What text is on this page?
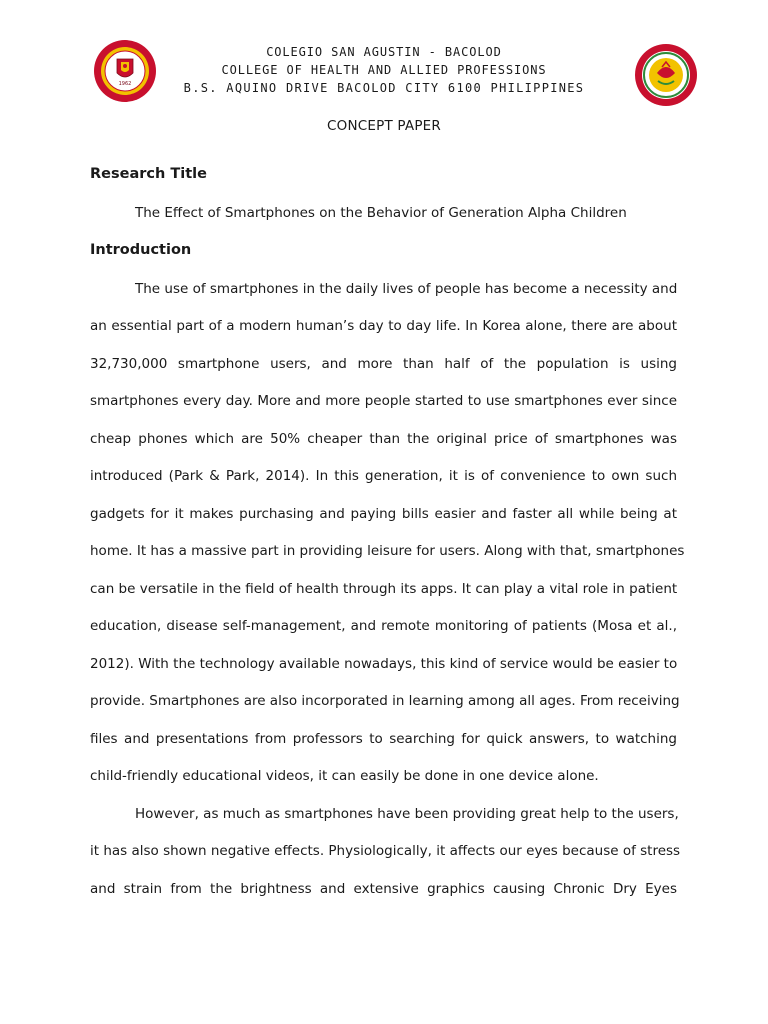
1962
COLEGIO SAN AGUSTIN - BACOLOD
COLLEGE OF HEALTH AND ALLIED PROFESSIONS
B.S. AQUINO DRIVE BACOLOD CITY 6100 PHILIPPINES
CONCEPT PAPER
Research Title
The Effect of Smartphones on the Behavior of Generation Alpha Children
Introduction
The use of smartphones in the daily lives of people has become a necessity and
an essential part of a modern human’s day to day life. In Korea alone, there are about
32,730,000 smartphone users, and more than half of the population is using
smartphones every day. More and more people started to use smartphones ever since
cheap phones which are 50% cheaper than the original price of smartphones was
introduced (Park & Park, 2014). In this generation, it is of convenience to own such
gadgets for it makes purchasing and paying bills easier and faster all while being at
home. It has a massive part in providing leisure for users. Along with that, smartphones
can be versatile in the field of health through its apps. It can play a vital role in patient
education, disease self-management, and remote monitoring of patients (Mosa et al.,
2012). With the technology available nowadays, this kind of service would be easier to
provide. Smartphones are also incorporated in learning among all ages. From receiving
files and presentations from professors to searching for quick answers, to watching
child-friendly educational videos, it can easily be done in one device alone.
However, as much as smartphones have been providing great help to the users,
it has also shown negative effects. Physiologically, it affects our eyes because of stress
and strain from the brightness and extensive graphics causing Chronic Dry Eyes
